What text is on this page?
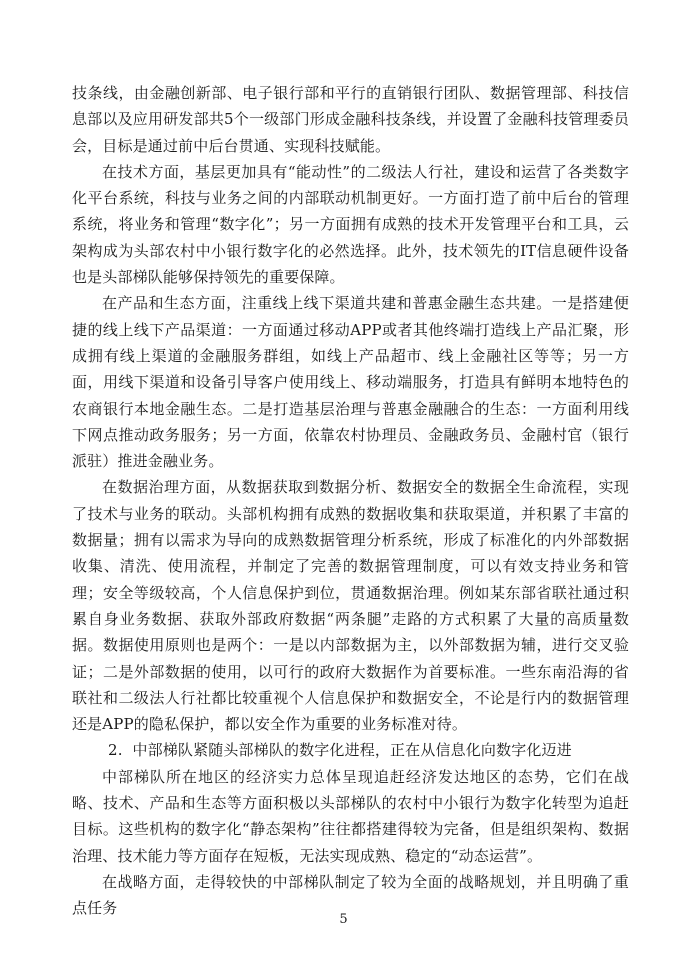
技条线，由金融创新部、电子银行部和平行的直销银行团队、数据管理部、科技信息部以及应用研发部共5个一级部门形成金融科技条线，并设置了金融科技管理委员会，目标是通过前中后台贯通、实现科技赋能。

在技术方面，基层更加具有“能动性”的二级法人行社，建设和运营了各类数字化平台系统，科技与业务之间的内部联动机制更好。一方面打造了前中后台的管理系统，将业务和管理“数字化”；另一方面拥有成熟的技术开发管理平台和工具，云架构成为头部农村中小银行数字化的必然选择。此外，技术领先的IT信息硬件设备也是头部梯队能够保持领先的重要保障。

在产品和生态方面，注重线上线下渠道共建和普惠金融生态共建。一是搭建便捷的线上线下产品渠道：一方面通过移动APP或者其他终端打造线上产品汇聚，形成拥有线上渠道的金融服务群组，如线上产品超市、线上金融社区等等；另一方面，用线下渠道和设备引导客户使用线上、移动端服务，打造具有鲜明本地特色的农商银行本地金融生态。二是打造基层治理与普惠金融融合的生态：一方面利用线下网点推动政务服务；另一方面，依靠农村协理员、金融政务员、金融村官（银行派驻）推进金融业务。

在数据治理方面，从数据获取到数据分析、数据安全的数据全生命流程，实现了技术与业务的联动。头部机构拥有成熟的数据收集和获取渠道，并积累了丰富的数据量；拥有以需求为导向的成熟数据管理分析系统，形成了标准化的内外部数据收集、清洗、使用流程，并制定了完善的数据管理制度，可以有效支持业务和管理；安全等级较高，个人信息保护到位，贯通数据治理。例如某东部省联社通过积累自身业务数据、获取外部政府数据“两条腿”走路的方式积累了大量的高质量数据。数据使用原则也是两个：一是以内部数据为主，以外部数据为辅，进行交叉验证；二是外部数据的使用，以可行的政府大数据作为首要标准。一些东南沿海的省联社和二级法人行社都比较重视个人信息保护和数据安全，不论是行内的数据管理还是APP的隐私保护，都以安全作为重要的业务标准对待。

2. 中部梯队紧随头部梯队的数字化进程，正在从信息化向数字化迈进

中部梯队所在地区的经济实力总体呈现追赶经济发达地区的态势，它们在战略、技术、产品和生态等方面积极以头部梯队的农村中小银行为数字化转型为追赶目标。这些机构的数字化“静态架构”往往都搭建得较为完备，但是组织架构、数据治理、技术能力等方面存在短板，无法实现成熟、稳定的“动态运营”。

在战略方面，走得较快的中部梯队制定了较为全面的战略规划，并且明确了重点任务

5
